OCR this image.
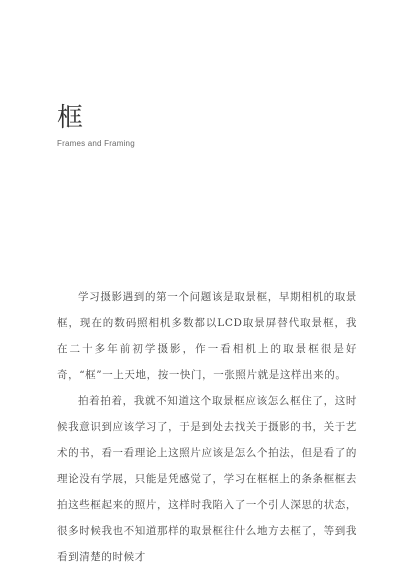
框
Frames and Framing

学习摄影遇到的第一个问题该是取景框，早期相机的取景框，现在的数码照相机多数都以LCD取景屏替代取景框，我在二十多年前初学摄影，作一看相机上的取景框很是好奇，“框”一上天地，按一快门，一张照片就是这样出来的。

拍着拍着，我就不知道这个取景框应该怎么框住了，这时候我意识到应该学习了，于是到处去找关于摄影的书，关于艺术的书，看一看理论上这照片应该是怎么个拍法，但是看了的理论没有学展，只能是凭感觉了，学习在框框上的条条框框去拍这些框起来的照片，这样时我陷入了一个引人深思的状态，很多时候我也不知道那样的取景框往什么地方去框了，等到我看到清楚的时候才
